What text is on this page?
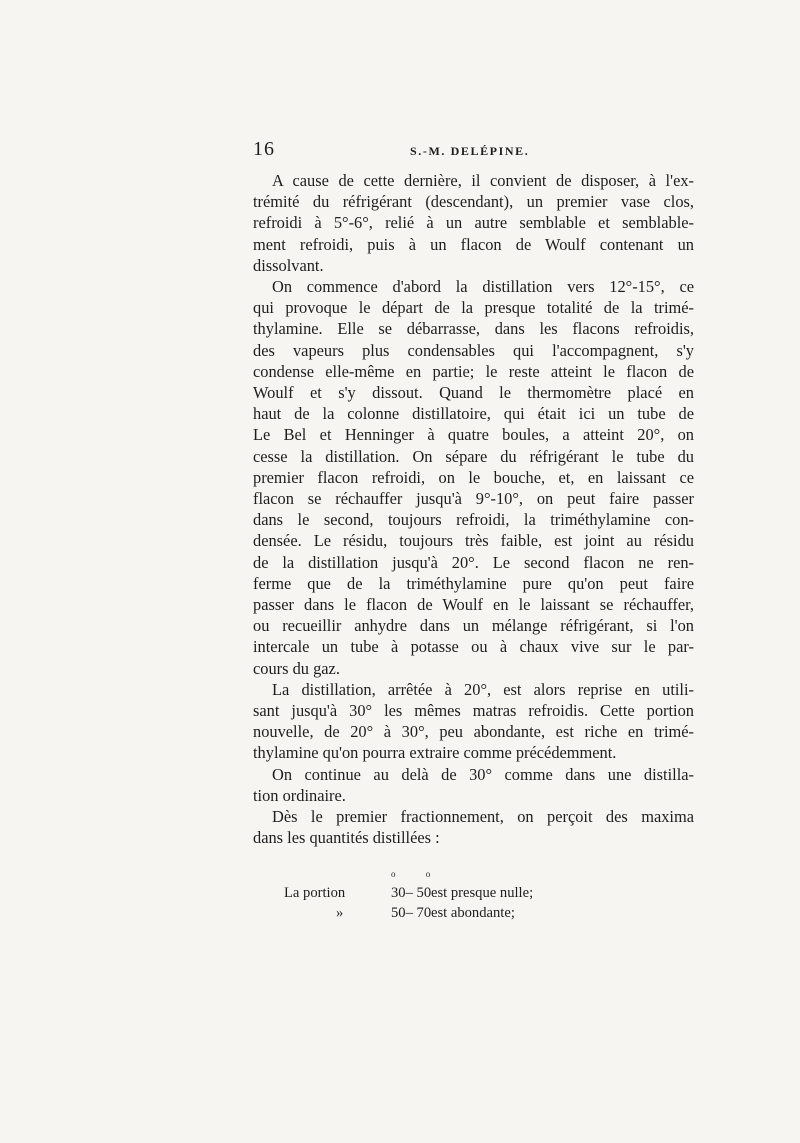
16	S.-M. DELÉPINE.
A cause de cette dernière, il convient de disposer, à l'ex-
trémité du réfrigérant (descendant), un premier vase clos,
refroidi à 5°-6°, relié à un autre semblable et semblable-
ment refroidi, puis à un flacon de Woulf contenant un
dissolvant.
On commence d'abord la distillation vers 12°-15°, ce
qui provoque le départ de la presque totalité de la trimé-
thylamine. Elle se débarrasse, dans les flacons refroidis,
des vapeurs plus condensables qui l'accompagnent, s'y
condense elle-même en partie; le reste atteint le flacon de
Woulf et s'y dissout. Quand le thermomètre placé en
haut de la colonne distillatoire, qui était ici un tube de
Le Bel et Henninger à quatre boules, a atteint 20°, on
cesse la distillation. On sépare du réfrigérant le tube du
premier flacon refroidi, on le bouche, et, en laissant ce
flacon se réchauffer jusqu'à 9°-10°, on peut faire passer
dans le second, toujours refroidi, la triméthylamine con-
densée. Le résidu, toujours très faible, est joint au résidu
de la distillation jusqu'à 20°. Le second flacon ne ren-
ferme que de la triméthylamine pure qu'on peut faire
passer dans le flacon de Woulf en le laissant se réchauffer,
ou recueillir anhydre dans un mélange réfrigérant, si l'on
intercale un tube à potasse ou à chaux vive sur le par-
cours du gaz.
La distillation, arrêtée à 20°, est alors reprise en utili-
sant jusqu'à 30° les mêmes matras refroidis. Cette portion
nouvelle, de 20° à 30°, peu abondante, est riche en trimé-
thylamine qu'on pourra extraire comme précédemment.
On continue au delà de 30° comme dans une distilla-
tion ordinaire.
Dès le premier fractionnement, on perçoit des maxima
dans les quantités distillées :
o o
La portion	30– 50 est presque nulle;
»	50– 70 est abondante;
